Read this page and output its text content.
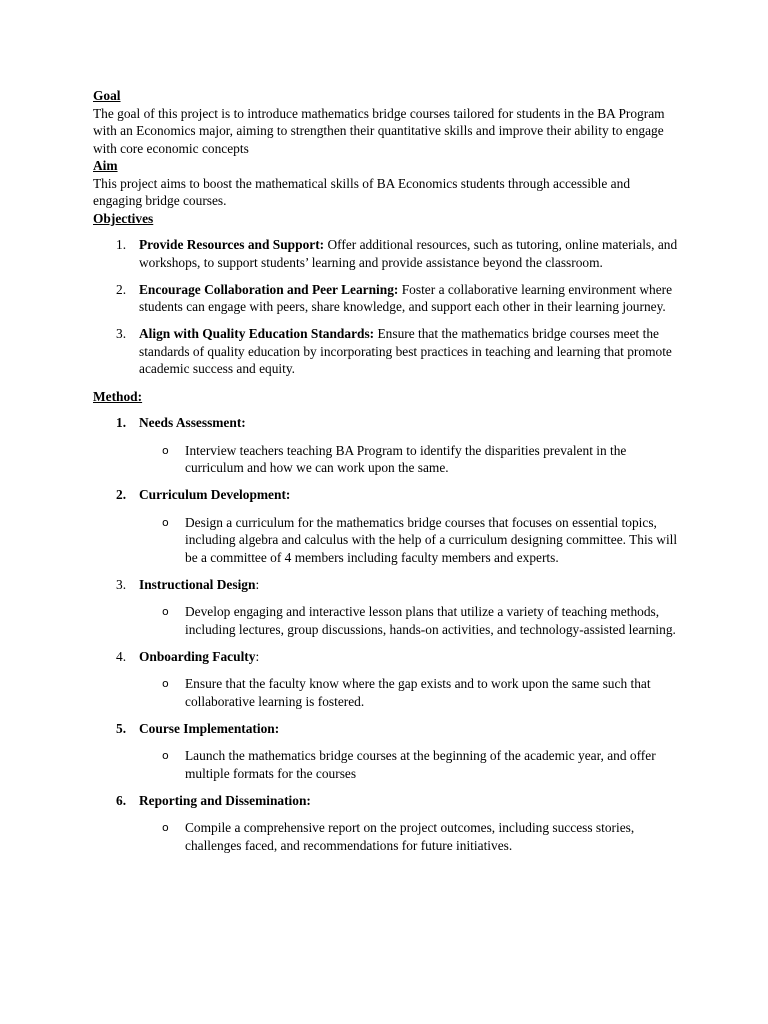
Goal

The goal of this project is to introduce mathematics bridge courses tailored for students in the BA Program with an Economics major, aiming to strengthen their quantitative skills and improve their ability to engage with core economic concepts

Aim

This project aims to boost the mathematical skills of BA Economics students through accessible and engaging bridge courses.

Objectives
1. Provide Resources and Support: Offer additional resources, such as tutoring, online materials, and workshops, to support students’ learning and provide assistance beyond the classroom.
2. Encourage Collaboration and Peer Learning: Foster a collaborative learning environment where students can engage with peers, share knowledge, and support each other in their learning journey.
3. Align with Quality Education Standards: Ensure that the mathematics bridge courses meet the standards of quality education by incorporating best practices in teaching and learning that promote academic success and equity.
Method:
1. Needs Assessment:
o Interview teachers teaching BA Program to identify the disparities prevalent in the curriculum and how we can work upon the same.
2. Curriculum Development:
o Design a curriculum for the mathematics bridge courses that focuses on essential topics, including algebra and calculus with the help of a curriculum designing committee. This will be a committee of 4 members including faculty members and experts.
3. Instructional Design:
o Develop engaging and interactive lesson plans that utilize a variety of teaching methods, including lectures, group discussions, hands-on activities, and technology-assisted learning.
4. Onboarding Faculty:
o Ensure that the faculty know where the gap exists and to work upon the same such that collaborative learning is fostered.
5. Course Implementation:
o Launch the mathematics bridge courses at the beginning of the academic year, and offer multiple formats for the courses
6. Reporting and Dissemination:
o Compile a comprehensive report on the project outcomes, including success stories, challenges faced, and recommendations for future initiatives.
